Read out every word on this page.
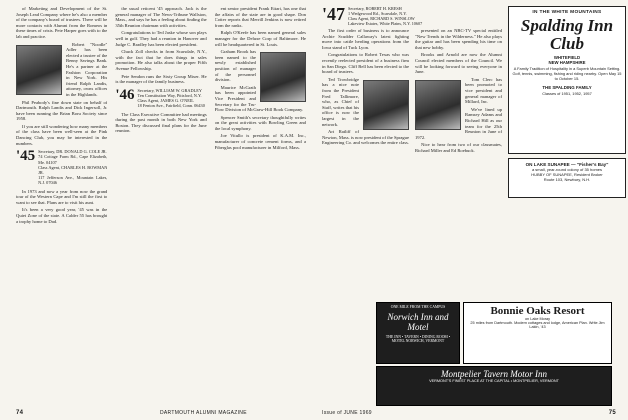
of Marketing and Development of the St. Joseph Lead Company where he's also a member of the company's board of trustees. There will be more contacts with Alumni from the Romeos in these times of crisis. Pete Harper goes with to the lab and practice.

Robert "Noodle" Adler has been elected a trustee of the Benny Savings Bank. He's a partner at the Fashion Corporation in New York. His friend Ralph Landis, attorney, owns offices in the Highlands.

Phil Peabody's fine down state on behalf of Dartmouth. Ralph Landis and Dick Ingersoll, Jr. have been running the Brian Boru Society since 1958.

If you are still wondering how many members of the class have been well-seen at the Pink Dancing Club, you may be interested in the numbers.

'45 Secretary, DR. DONALD G. COLE JR.
74 Cottage Farm Rd., Cape Elizabeth, Me. 04107
Class Agent, CHARLES H. BOWMAN JR.
117 Jefferson Ave., Mountain Lakes, N.J. 07046

In 1973 and now a year from now the grand tour of the Western Cape and I'm still the first to want to see that. Plans are to visit his aunt.

It's been a very good year, '45 was in the Quiet Zone of the state. A Calder 55 has brought a trophy home to Dad.

the usual reticent '45 approach. Jack is the general manager of The News-Tribune Wallston, Mass., and says he has a feeling about finding the 35th Reunion chairman with activities.

Congratulations to Ted Jaske whose son plays well in golf. They had a reunion in Hanover and Judge C. Bradley has been elected president.

Chuck Zoll checks in from Scarsdale, N.Y., with the fact that he does things in sales promotion. He also talks about the proper Fifth Avenue Fellowship.

Pete Sendon runs the Sixty Group Mixer. He is the manager of the family business.

'46 Secretary, WILLIAM W. GRADLEY
Ten Constitution Way, Pittsford, N.Y.
Class Agent, JAMES G. O'NEIL
18 Fenton Ave., Fairfield, Conn. 06430

The Class Executive Committee had meetings during the past month in both New York and Boston. They discussed final plans for the June reunion.

ent senior president Frank Ettari, has one that the affairs of the state are in good shape. Don Cotter reports that Merrill Jenkins is now retired from the ranks.

Ralph O'Keefe has been named general sales manager for the Deluxe Corp of Baltimore. He will be headquartered in St. Louis.

Graham Brook has been named to the newly established position of manager of the personnel division.

Maurice McGrath has been appointed Vice President and Secretary for the Tru-Flow Division of McGraw-Hill Book Company.

Spencer Smith's secretary thoughtfully writes on the great activities with Bowling Green and the local symphony.

Joe Vitullo is president of K.A.M. Inc., manufacturer of concrete cement forms, and a Fiberglas pool manufacturer in Milford, Mass.

74	DARTMOUTH ALUMNI MAGAZINE
'47 Secretary, ROBERT H. KRESH
1 Wedgewood Rd., Scarsdale, N.Y.
Class Agent, RICHARD S. WINSLOW
Lakeview Estates, White Plains, N.Y. 10607

The first order of business is to announce Archie Scudder Callaway's latest fighting move into cattle herding operations from the Iowa stand of Tuck Lyon.

Congratulations to Robert Texas who was recently reelected president of a business firm in San Diego. Cliff Bell has been elected to the board of trustees.

Ted Trowbridge has a nice note from the President Fred Tallimore, who, as Chief of Staff, writes that his office is now the largest in the network.

Art Ratliff of Newton, Mass. is now president of the Sprague Engineering Co. and welcomes the entire class.

presented on an NBC-TV special entitled "New Trends in the Wilderness." He also plays the guitar and has been spending his time on that new hobby.

Brooks and Arnold are now the Alumni Council elected members of the Council. We will be looking forward to seeing everyone in June.

Tom Clerc has been promoted to vice president and general manager of Millard, Inc.

We've lined up Ramsey Adams and Richard Hill as our team for the 25th Reunion in June of 1972.

Nice to hear from two of our classmates, Richard Miller and Ed Roebuck.

IN THE WHITE MOUNTAINS
Spalding Inn Club
WHITEFIELD
NEW HAMPSHIRE
A Family Tradition of Hospitality in a Superb Mountain Setting. Golf, tennis, swimming, fishing and riding nearby. Open May 15 to October 15.
THE SPALDING FAMILY
Classes of 1951, 1952, 1957
ON LAKE SUNAPEE — "Fisher's Bay"
a small, year-round colony of 35 homes
HUBBY OF SUNAPEE, Resident Broker
Route 103, Newbury, N.H.
Issue of JUNE 1969	75
ONE MILE FROM THE CAMPUS
Norwich Inn and Motel
THE INN • TAVERN • DINING ROOM • MOTEL NORWICH, VERMONT
Bonnie Oaks Resort
on Lake Moray
25 miles from Dartmouth. Modern cottages and lodge, American Plan. Write Jim Lakin, '43
Montpelier Tavern Motor Inn
VERMONT'S FINEST PLACE AT THE CAPITAL • MONTPELIER, VERMONT
